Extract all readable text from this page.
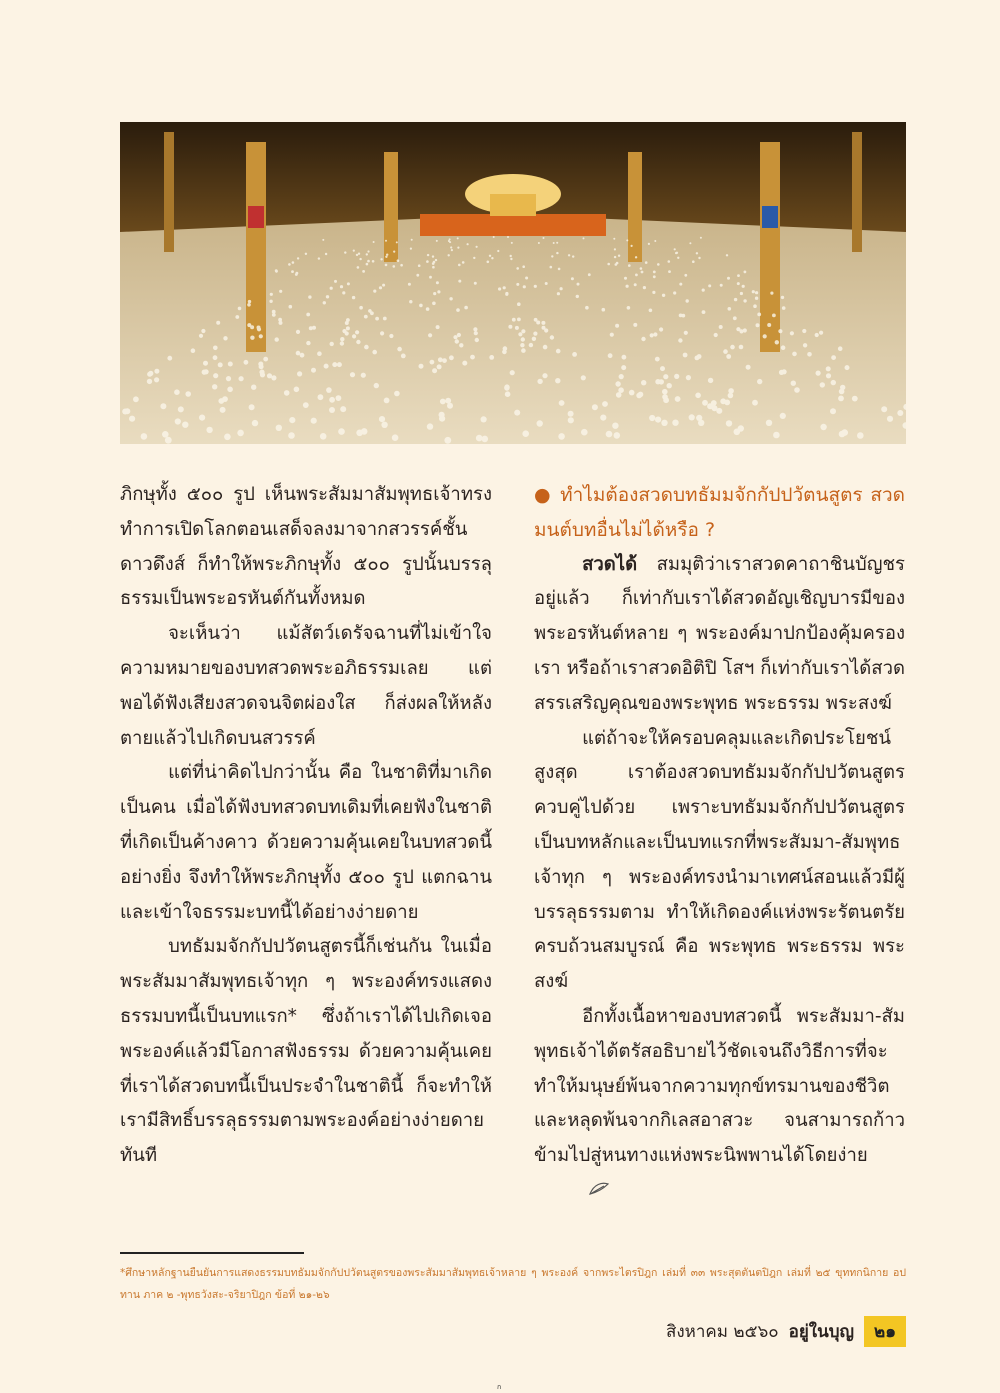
ภิกษุทั้ง ๕๐๐ รูป เห็นพระสัมมาสัมพุทธเจ้าทรงทำการเปิดโลกตอนเสด็จลงมาจากสวรรค์ชั้นดาวดึงส์ ก็ทำให้พระภิกษุทั้ง ๕๐๐ รูปนั้นบรรลุธรรมเป็นพระอรหันต์กันทั้งหมด

จะเห็นว่า แม้สัตว์เดรัจฉานที่ไม่เข้าใจความหมายของบทสวดพระอภิธรรมเลย แต่พอได้ฟังเสียงสวดจนจิตผ่องใส ก็ส่งผลให้หลังตายแล้วไปเกิดบนสวรรค์

แต่ที่น่าคิดไปกว่านั้น คือ ในชาติที่มาเกิดเป็นคน เมื่อได้ฟังบทสวดบทเดิมที่เคยฟังในชาติที่เกิดเป็นค้างคาว ด้วยความคุ้นเคยในบทสวดนี้อย่างยิ่ง จึงทำให้พระภิกษุทั้ง ๕๐๐ รูป แตกฉานและเข้าใจธรรมะบทนี้ได้อย่างง่ายดาย

บทธัมมจักกัปปวัตนสูตรนี้ก็เช่นกัน ในเมื่อพระสัมมาสัมพุทธเจ้าทุก ๆ พระองค์ทรงแสดงธรรมบทนี้เป็นบทแรก* ซึ่งถ้าเราได้ไปเกิดเจอพระองค์แล้วมีโอกาสฟังธรรม ด้วยความคุ้นเคยที่เราได้สวดบทนี้เป็นประจำในชาตินี้ ก็จะทำให้เรามีสิทธิ์บรรลุธรรมตามพระองค์อย่างง่ายดายทันที

● ทำไมต้องสวดบทธัมมจักกัปปวัตนสูตร สวดมนต์บทอื่นไม่ได้หรือ ?

สวดได้ สมมุติว่าเราสวดคาถาชินบัญชรอยู่แล้ว ก็เท่ากับเราได้สวดอัญเชิญบารมีของพระอรหันต์หลาย ๆ พระองค์มาปกป้องคุ้มครองเรา หรือถ้าเราสวดอิติปิ โสฯ ก็เท่ากับเราได้สวดสรรเสริญคุณของพระพุทธ พระธรรม พระสงฆ์

แต่ถ้าจะให้ครอบคลุมและเกิดประโยชน์สูงสุด เราต้องสวดบทธัมมจักกัปปวัตนสูตรควบคู่ไปด้วย เพราะบทธัมมจักกัปปวัตนสูตรเป็นบทหลักและเป็นบทแรกที่พระสัมมา-สัมพุทธเจ้าทุก ๆ พระองค์ทรงนำมาเทศน์สอนแล้วมีผู้บรรลุธรรมตาม ทำให้เกิดองค์แห่งพระรัตนตรัยครบถ้วนสมบูรณ์ คือ พระพุทธ พระธรรม พระสงฆ์

อีกทั้งเนื้อหาของบทสวดนี้ พระสัมมา-สัมพุทธเจ้าได้ตรัสอธิบายไว้ชัดเจนถึงวิธีการที่จะทำให้มนุษย์พ้นจากความทุกข์ทรมานของชีวิต และหลุดพ้นจากกิเลสอาสวะ จนสามารถก้าวข้ามไปสู่หนทางแห่งพระนิพพานได้โดยง่าย

*ศึกษาหลักฐานยืนยันการแสดงธรรมบทธัมมจักกัปปวัตนสูตรของพระสัมมาสัมพุทธเจ้าหลาย ๆ พระองค์ จากพระไตรปิฎก เล่มที่ ๓๓ พระสุตตันตปิฎก เล่มที่ ๒๕ ขุททกนิกาย อปทาน ภาค ๒ -พุทธวังสะ-จริยาปิฎก ข้อที่ ๒๑-๒๖
สิงหาคม ๒๕๖๐ อยู่ในบุญ	๒๑
ก
